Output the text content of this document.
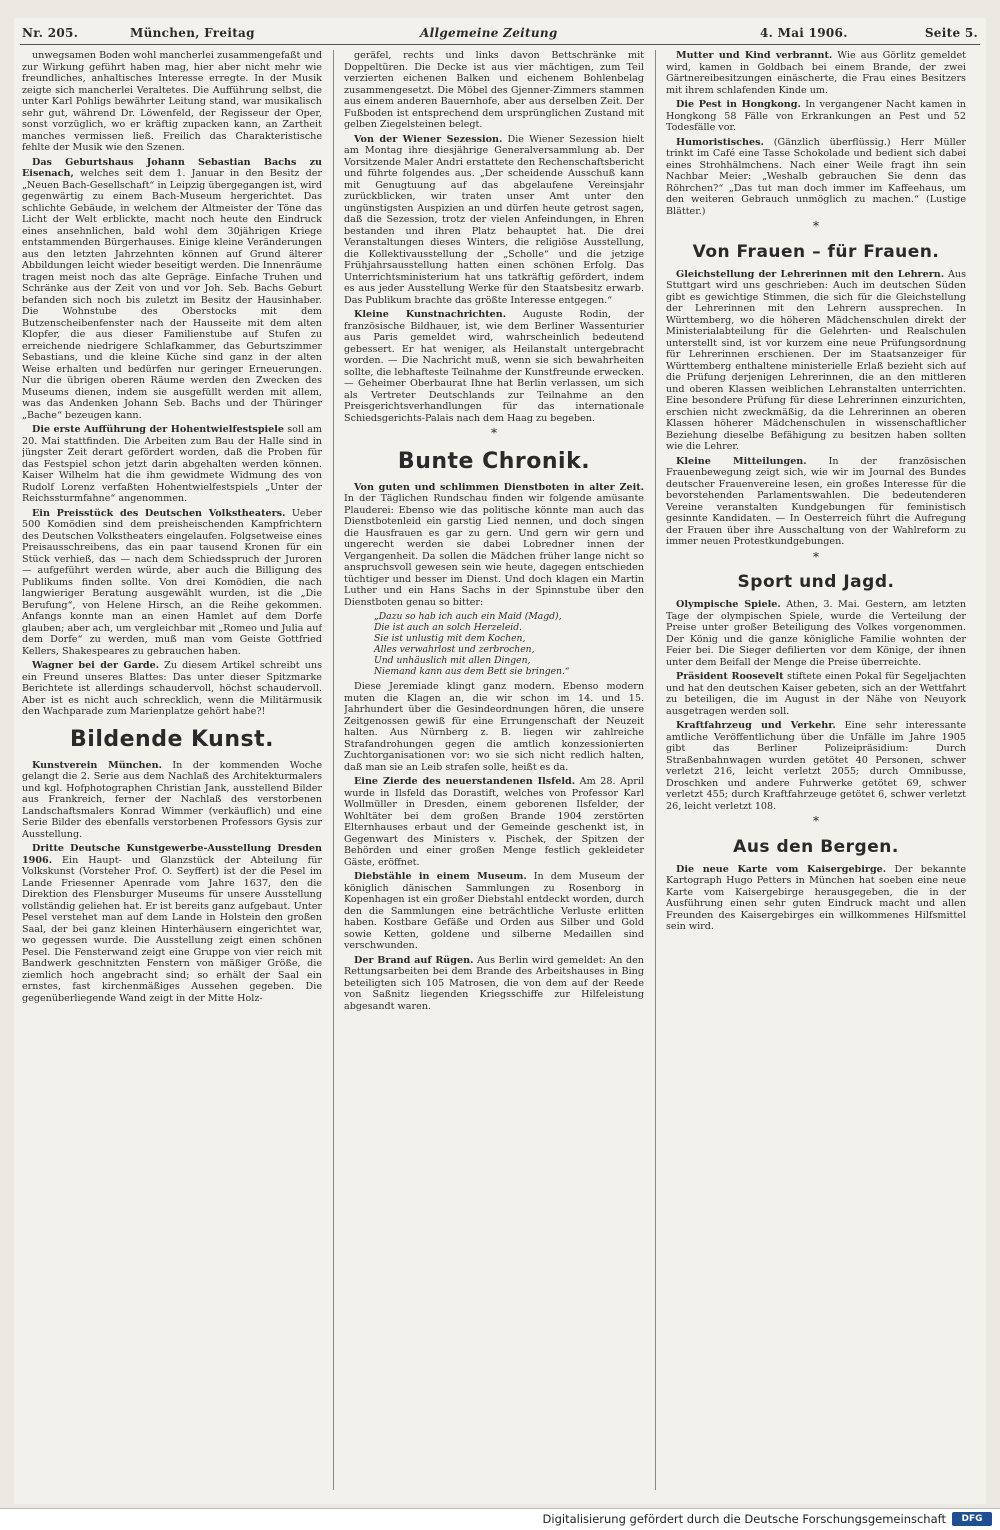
Nr. 205.	München, Freitag	Allgemeine Zeitung	4. Mai 1906.	Seite 5.

unwegsamen Boden wohl mancherlei zusammengefaßt und zur Wirkung geführt haben mag, hier aber nicht mehr wie freundliches, anhaltisches Interesse erregte. In der Musik zeigte sich mancherlei Veraltetes. Die Aufführung selbst, die unter Karl Pohligs bewährter Leitung stand, war musikalisch sehr gut, während Dr. Löwenfeld, der Regisseur der Oper, sonst vorzüglich, wo er kräftig zupacken kann, an Zartheit manches vermissen ließ. Freilich das Charakteristische fehlte der Musik wie den Szenen.

Das Geburtshaus Johann Sebastian Bachs zu Eisenach, welches seit dem 1. Januar in den Besitz der „Neuen Bach-Gesellschaft“ in Leipzig übergegangen ist, wird gegenwärtig zu einem Bach-Museum hergerichtet. Das schlichte Gebäude, in welchem der Altmeister der Töne das Licht der Welt erblickte, macht noch heute den Eindruck eines ansehnlichen, bald wohl dem 30jährigen Kriege entstammenden Bürgerhauses. Einige kleine Veränderungen aus den letzten Jahrzehnten können auf Grund älterer Abbildungen leicht wieder beseitigt werden. Die Innenräume tragen meist noch das alte Gepräge. Einfache Truhen und Schränke aus der Zeit von und vor Joh. Seb. Bachs Geburt befanden sich noch bis zuletzt im Besitz der Hausinhaber. Die Wohnstube des Oberstocks mit dem Butzenscheibenfenster nach der Hausseite mit dem alten Klopfer, die aus dieser Familienstube auf Stufen zu erreichende niedrigere Schlafkammer, das Geburtszimmer Sebastians, und die kleine Küche sind ganz in der alten Weise erhalten und bedürfen nur geringer Erneuerungen. Nur die übrigen oberen Räume werden den Zwecken des Museums dienen, indem sie ausgefüllt werden mit allem, was das Andenken Johann Seb. Bachs und der Thüringer „Bache“ bezeugen kann.

Die erste Aufführung der Hohentwielfestspiele soll am 20. Mai stattfinden. Die Arbeiten zum Bau der Halle sind in jüngster Zeit derart gefördert worden, daß die Proben für das Festspiel schon jetzt darin abgehalten werden können. Kaiser Wilhelm hat die ihm gewidmete Widmung des von Rudolf Lorenz verfaßten Hohentwielfestspiels „Unter der Reichssturmfahne“ angenommen.

Ein Preisstück des Deutschen Volkstheaters. Ueber 500 Komödien sind dem preisheischenden Kampfrichtern des Deutschen Volkstheaters eingelaufen. Folgsetweise eines Preisausschreibens, das ein paar tausend Kronen für ein Stück verhieß, das — nach dem Schiedsspruch der Juroren — aufgeführt werden würde, aber auch die Billigung des Publikums finden sollte. Von drei Komödien, die nach langwieriger Beratung ausgewählt wurden, ist die „Die Berufung“, von Helene Hirsch, an die Reihe gekommen. Anfangs konnte man an einen Hamlet auf dem Dorfe glauben; aber ach, um vergleichbar mit „Romeo und Julia auf dem Dorfe“ zu werden, muß man vom Geiste Gottfried Kellers, Shakespeares zu gebrauchen haben.

Wagner bei der Garde. Zu diesem Artikel schreibt uns ein Freund unseres Blattes: Das unter dieser Spitzmarke Berichtete ist allerdings schaudervoll, höchst schaudervoll. Aber ist es nicht auch schrecklich, wenn die Militärmusik den Wachparade zum Marienplatze gehört habe?!

Bildende Kunst.

Kunstverein München. In der kommenden Woche gelangt die 2. Serie aus dem Nachlaß des Architekturmalers und kgl. Hofphotographen Christian Jank, ausstellend Bilder aus Frankreich, ferner der Nachlaß des verstorbenen Landschaftsmalers Konrad Wimmer (verkäuflich) und eine Serie Bilder des ebenfalls verstorbenen Professors Gysis zur Ausstellung.

Dritte Deutsche Kunstgewerbe-Ausstellung Dresden 1906. Ein Haupt- und Glanzstück der Abteilung für Volkskunst (Vorsteher Prof. O. Seyffert) ist der die Pesel im Lande Friesenner Apenrade vom Jahre 1637, den die Direktion des Flensburger Museums für unsere Ausstellung vollständig geliehen hat. Er ist bereits ganz aufgebaut. Unter Pesel verstehet man auf dem Lande in Holstein den großen Saal, der bei ganz kleinen Hinterhäusern eingerichtet war, wo gegessen wurde. Die Ausstellung zeigt einen schönen Pesel. Die Fensterwand zeigt eine Gruppe von vier reich mit Bandwerk geschnitzten Fenstern von mäßiger Größe, die ziemlich hoch angebracht sind; so erhält der Saal ein ernstes, fast kirchenmäßiges Aussehen gegeben. Die gegenüberliegende Wand zeigt in der Mitte Holz-

geräfel, rechts und links davon Bettschränke mit Doppeltüren. Die Decke ist aus vier mächtigen, zum Teil verzierten eichenen Balken und eichenem Bohlenbelag zusammengesetzt. Die Möbel des Gjenner-Zimmers stammen aus einem anderen Bauernhofe, aber aus derselben Zeit. Der Fußboden ist entsprechend dem ursprünglichen Zustand mit gelben Ziegelsteinen belegt.

Von der Wiener Sezession. Die Wiener Sezession hielt am Montag ihre diesjährige Generalversammlung ab. Der Vorsitzende Maler Andri erstattete den Rechenschaftsbericht und führte folgendes aus. „Der scheidende Ausschuß kann mit Genugtuung auf das abgelaufene Vereinsjahr zurückblicken, wir traten unser Amt unter den ungünstigsten Auspizien an und dürfen heute getrost sagen, daß die Sezession, trotz der vielen Anfeindungen, in Ehren bestanden und ihren Platz behauptet hat. Die drei Veranstaltungen dieses Winters, die religiöse Ausstellung, die Kollektivausstellung der „Scholle“ und die jetzige Frühjahrsausstellung hatten einen schönen Erfolg. Das Unterrichtsministerium hat uns tatkräftig gefördert, indem es aus jeder Ausstellung Werke für den Staatsbesitz erwarb. Das Publikum brachte das größte Interesse entgegen.“

Kleine Kunstnachrichten. Auguste Rodin, der französische Bildhauer, ist, wie dem Berliner Wassenturier aus Paris gemeldet wird, wahrscheinlich bedeutend gebessert. Er hat weniger, als Heilanstalt untergebracht worden. — Die Nachricht muß, wenn sie sich bewahrheiten sollte, die lebhafteste Teilnahme der Kunstfreunde erwecken. — Geheimer Oberbaurat Ihne hat Berlin verlassen, um sich als Vertreter Deutschlands zur Teilnahme an den Preisgerichtsverhandlungen für das internationale Schiedsgerichts-Palais nach dem Haag zu begeben.

*
Bunte Chronik.

Von guten und schlimmen Dienstboten in alter Zeit. In der Täglichen Rundschau finden wir folgende amüsante Plauderei: Ebenso wie das politische könnte man auch das Dienstbotenleid ein garstig Lied nennen, und doch singen die Hausfrauen es gar zu gern. Und gern wir gern und ungerecht werden sie dabei Lobredner innen der Vergangenheit. Da sollen die Mädchen früher lange nicht so anspruchsvoll gewesen sein wie heute, dagegen entschieden tüchtiger und besser im Dienst. Und doch klagen ein Martin Luther und ein Hans Sachs in der Spinnstube über den Dienstboten genau so bitter:

„Dazu so hab ich auch ein Maid (Magd),
Die ist auch an solch Herzeleid.
Sie ist unlustig mit dem Kochen,
Alles verwahrlost und zerbrochen,
Und unhäuslich mit allen Dingen,
Niemand kann aus dem Bett sie bringen.“

Diese Jeremiade klingt ganz modern. Ebenso modern muten die Klagen an, die wir schon im 14. und 15. Jahrhundert über die Gesindeordnungen hören, die unsere Zeitgenossen gewiß für eine Errungenschaft der Neuzeit halten. Aus Nürnberg z. B. liegen wir zahlreiche Strafandrohungen gegen die amtlich konzessionierten Zuchtorganisationen vor: wo sie sich nicht redlich halten, daß man sie an Leib strafen solle, heißt es da.

Eine Zierde des neuerstandenen Ilsfeld. Am 28. April wurde in Ilsfeld das Dorastift, welches von Professor Karl Wollmüller in Dresden, einem geborenen Ilsfelder, der Wohltäter bei dem großen Brande 1904 zerstörten Elternhauses erbaut und der Gemeinde geschenkt ist, in Gegenwart des Ministers v. Pischek, der Spitzen der Behörden und einer großen Menge festlich gekleideter Gäste, eröffnet.

Diebstähle in einem Museum. In dem Museum der königlich dänischen Sammlungen zu Rosenborg in Kopenhagen ist ein großer Diebstahl entdeckt worden, durch den die Sammlungen eine beträchtliche Verluste erlitten haben. Kostbare Gefäße und Orden aus Silber und Gold sowie Ketten, goldene und silberne Medaillen sind verschwunden.

Der Brand auf Rügen. Aus Berlin wird gemeldet: An den Rettungsarbeiten bei dem Brande des Arbeitshauses in Bing beteiligten sich 105 Matrosen, die von dem auf der Reede von Saßnitz liegenden Kriegsschiffe zur Hilfeleistung abgesandt waren.

Mutter und Kind verbrannt. Wie aus Görlitz gemeldet wird, kamen in Goldbach bei einem Brande, der zwei Gärtnereibesitzungen einäscherte, die Frau eines Besitzers mit ihrem schlafenden Kinde um.

Die Pest in Hongkong. In vergangener Nacht kamen in Hongkong 58 Fälle von Erkrankungen an Pest und 52 Todesfälle vor.

Humoristisches. (Gänzlich überflüssig.) Herr Müller trinkt im Café eine Tasse Schokolade und bedient sich dabei eines Strohhälmchens. Nach einer Weile fragt ihn sein Nachbar Meier: „Weshalb gebrauchen Sie denn das Röhrchen?“ „Das tut man doch immer im Kaffeehaus, um den weiteren Gebrauch unmöglich zu machen.“ (Lustige Blätter.)

*
Von Frauen – für Frauen.

Gleichstellung der Lehrerinnen mit den Lehrern. Aus Stuttgart wird uns geschrieben: Auch im deutschen Süden gibt es gewichtige Stimmen, die sich für die Gleichstellung der Lehrerinnen mit den Lehrern aussprechen. In Württemberg, wo die höheren Mädchenschulen direkt der Ministerialabteilung für die Gelehrten- und Realschulen unterstellt sind, ist vor kurzem eine neue Prüfungsordnung für Lehrerinnen erschienen. Der im Staatsanzeiger für Württemberg enthaltene ministerielle Erlaß bezieht sich auf die Prüfung derjenigen Lehrerinnen, die an den mittleren und oberen Klassen weiblichen Lehranstalten unterrichten. Eine besondere Prüfung für diese Lehrerinnen einzurichten, erschien nicht zweckmäßig, da die Lehrerinnen an oberen Klassen höherer Mädchenschulen in wissenschaftlicher Beziehung dieselbe Befähigung zu besitzen haben sollten wie die Lehrer.

Kleine Mitteilungen. In der französischen Frauenbewegung zeigt sich, wie wir im Journal des Bundes deutscher Frauenvereine lesen, ein großes Interesse für die bevorstehenden Parlamentswahlen. Die bedeutenderen Vereine veranstalten Kundgebungen für feministisch gesinnte Kandidaten. — In Oesterreich führt die Aufregung der Frauen über ihre Ausschaltung von der Wahlreform zu immer neuen Protestkundgebungen.

*
Sport und Jagd.

Olympische Spiele. Athen, 3. Mai. Gestern, am letzten Tage der olympischen Spiele, wurde die Verteilung der Preise unter großer Beteiligung des Volkes vorgenommen. Der König und die ganze königliche Familie wohnten der Feier bei. Die Sieger defilierten vor dem Könige, der ihnen unter dem Beifall der Menge die Preise überreichte.

Präsident Roosevelt stiftete einen Pokal für Segeljachten und hat den deutschen Kaiser gebeten, sich an der Wettfahrt zu beteiligen, die im August in der Nähe von Neuyork ausgetragen werden soll.

Kraftfahrzeug und Verkehr. Eine sehr interessante amtliche Veröffentlichung über die Unfälle im Jahre 1905 gibt das Berliner Polizeipräsidium: Durch Straßenbahnwagen wurden getötet 40 Personen, schwer verletzt 216, leicht verletzt 2055; durch Omnibusse, Droschken und andere Fuhrwerke getötet 69, schwer verletzt 455; durch Kraftfahrzeuge getötet 6, schwer verletzt 26, leicht verletzt 108.

*
Aus den Bergen.

Die neue Karte vom Kaisergebirge. Der bekannte Kartograph Hugo Petters in München hat soeben eine neue Karte vom Kaisergebirge herausgegeben, die in der Ausführung einen sehr guten Eindruck macht und allen Freunden des Kaisergebirges ein willkommenes Hilfsmittel sein wird.

Digitalisierung gefördert durch die Deutsche Forschungsgemeinschaft	DFG
